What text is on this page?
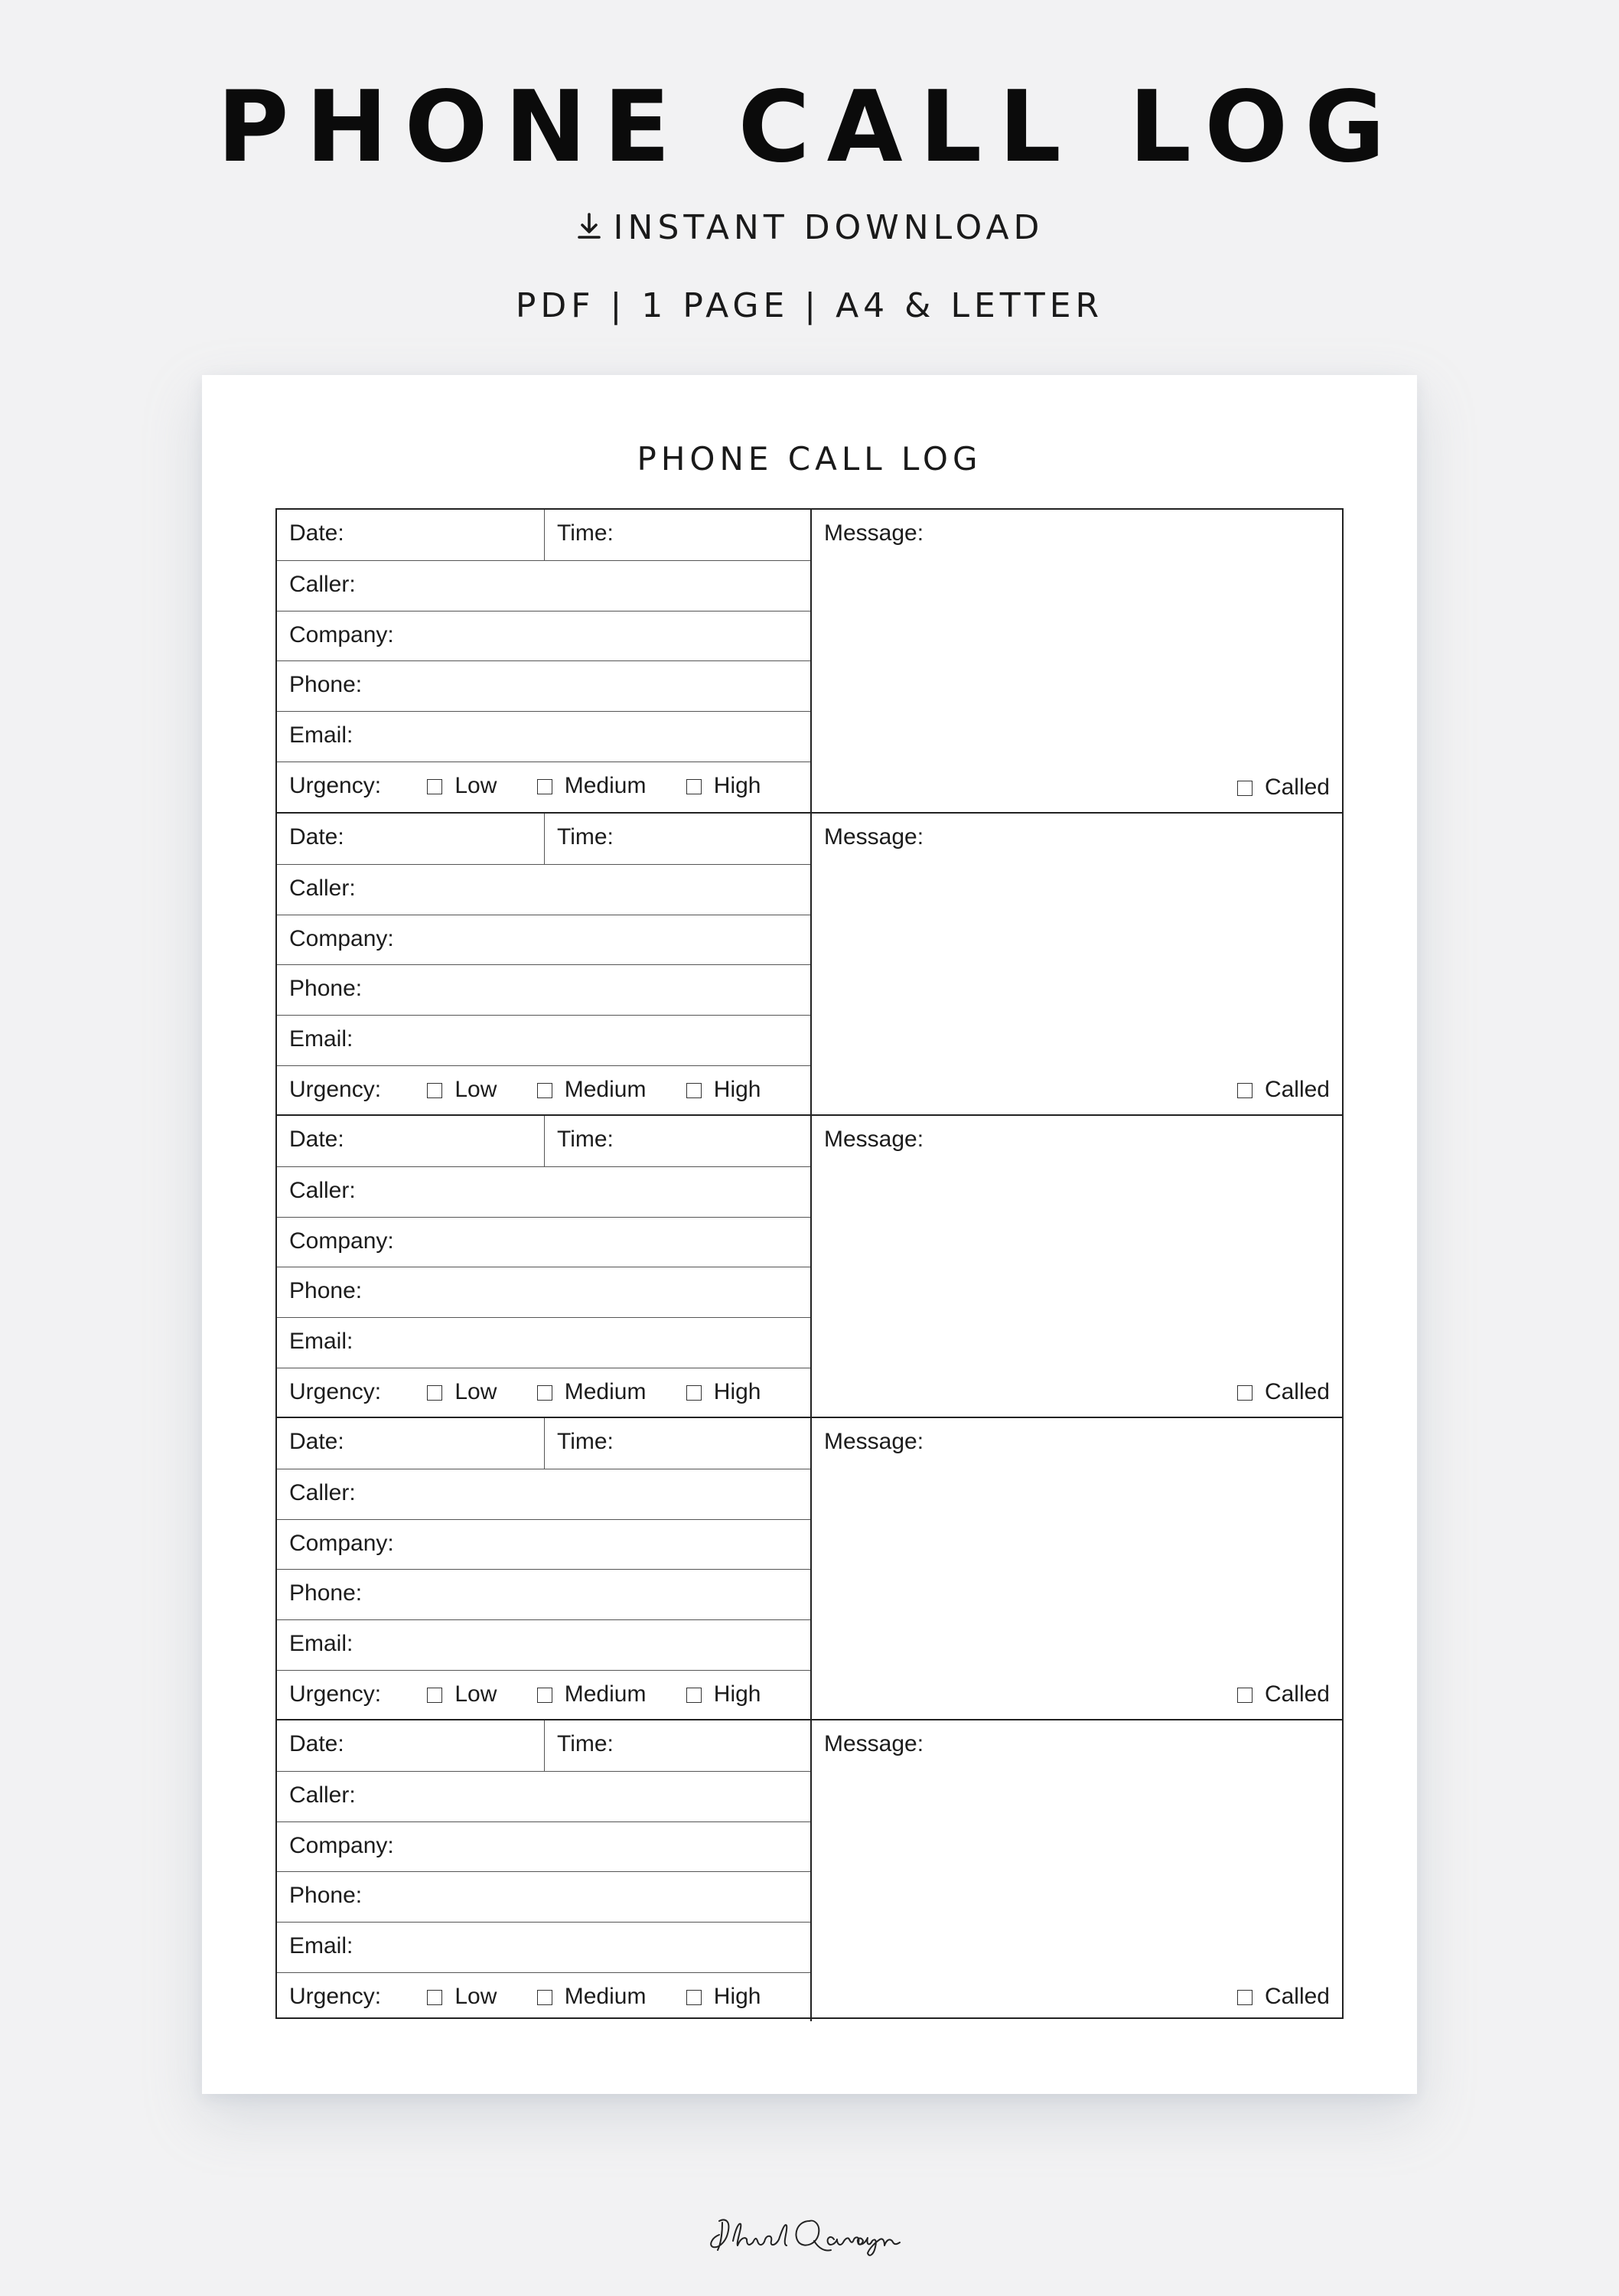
PHONE CALL LOG
INSTANT DOWNLOAD
PDF | 1 PAGE | A4 & LETTER
PHONE CALL LOG
Date:	Time:
Caller:
Company:
Phone:
Email:
Urgency:	Low	Medium	High
Message:
Called
Date:	Time:
Caller:
Company:
Phone:
Email:
Urgency:	Low	Medium	High
Message:
Called
Date:	Time:
Caller:
Company:
Phone:
Email:
Urgency:	Low	Medium	High
Message:
Called
Date:	Time:
Caller:
Company:
Phone:
Email:
Urgency:	Low	Medium	High
Message:
Called
Date:	Time:
Caller:
Company:
Phone:
Email:
Urgency:	Low	Medium	High
Message:
Called
